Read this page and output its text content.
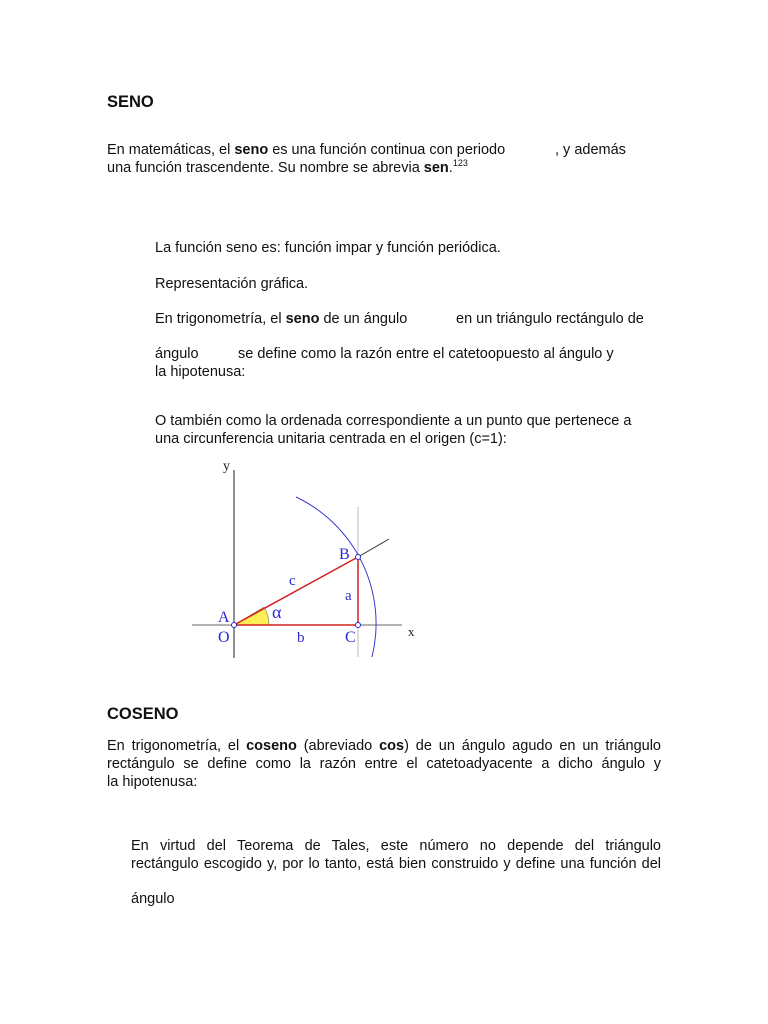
SENO
En matemáticas, el seno es una función continua con periodo	, y además
una función trascendente. Su nombre se abrevia sen.$^{123}$
La función seno es: función impar y función periódica.
Representación gráfica.
En trigonometría, el seno de un ángulo	en un triángulo rectángulo de
ángulo	se define como la razón entre el catetoopuesto al ángulo y
la hipotenusa:
O también como la ordenada correspondiente a un punto que pertenece a
una circunferencia unitaria centrada en el origen (c=1):
y
x
A
O
B
C
c
a
b
α
COSENO
En trigonometría, el coseno (abreviado cos) de un ángulo agudo en un triángulo
rectángulo se define como la razón entre el catetoadyacente a dicho ángulo y
la hipotenusa:
En virtud del Teorema de Tales, este número no depende del triángulo
rectángulo escogido y, por lo tanto, está bien construido y define una función del
ángulo
